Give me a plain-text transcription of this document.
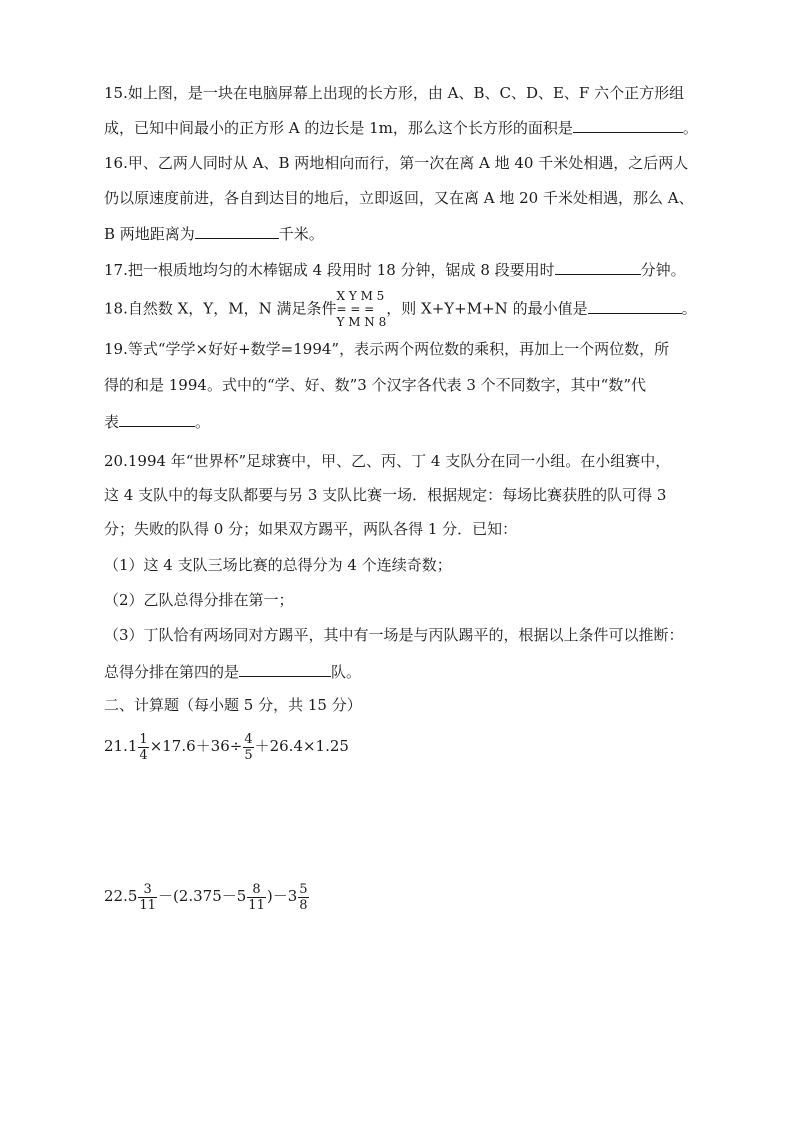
15.如上图，是一块在电脑屏幕上出现的长方形，由 A、B、C、D、E、F 六个正方形组
成，已知中间最小的正方形 A 的边长是 1m，那么这个长方形的面积是	。
16.甲、乙两人同时从 A、B 两地相向而行，第一次在离 A 地 40 千米处相遇，之后两人
仍以原速度前进，各自到达目的地后，立即返回，又在离 A 地 20 千米处相遇，那么 A、
B 两地距离为	千米。
17.把一根质地均匀的木棒锯成 4 段用时 18 分钟，锯成 8 段要用时	分钟。
18.自然数 X，Y，M，N 满足条件
X Y M 5
= = =
Y M N 8
，则 X+Y+M+N 的最小值是	。
19.等式“学学×好好+数学=1994”，表示两个两位数的乘积，再加上一个两位数，所
得的和是 1994。式中的“学、好、数”3 个汉字各代表 3 个不同数字，其中“数”代
表	。
20.1994 年“世界杯”足球赛中，甲、乙、丙、丁 4 支队分在同一小组。在小组赛中，
这 4 支队中的每支队都要与另 3 支队比赛一场．根据规定：每场比赛获胜的队可得 3
分；失败的队得 0 分；如果双方踢平，两队各得 1 分．已知：
（1）这 4 支队三场比赛的总得分为 4 个连续奇数；
（2）乙队总得分排在第一；
（3）丁队恰有两场同对方踢平，其中有一场是与丙队踢平的，根据以上条件可以推断：
总得分排在第四的是	队。
二、计算题（每小题 5 分，共 15 分）
$21.1 \frac{1}{4} \times 17.6+36\div \frac{4}{5} +26.4\times 1.25$
$22.5 \frac{3}{11} -(2.375-5 \frac{8}{11} )-3 \frac{5}{8}$
